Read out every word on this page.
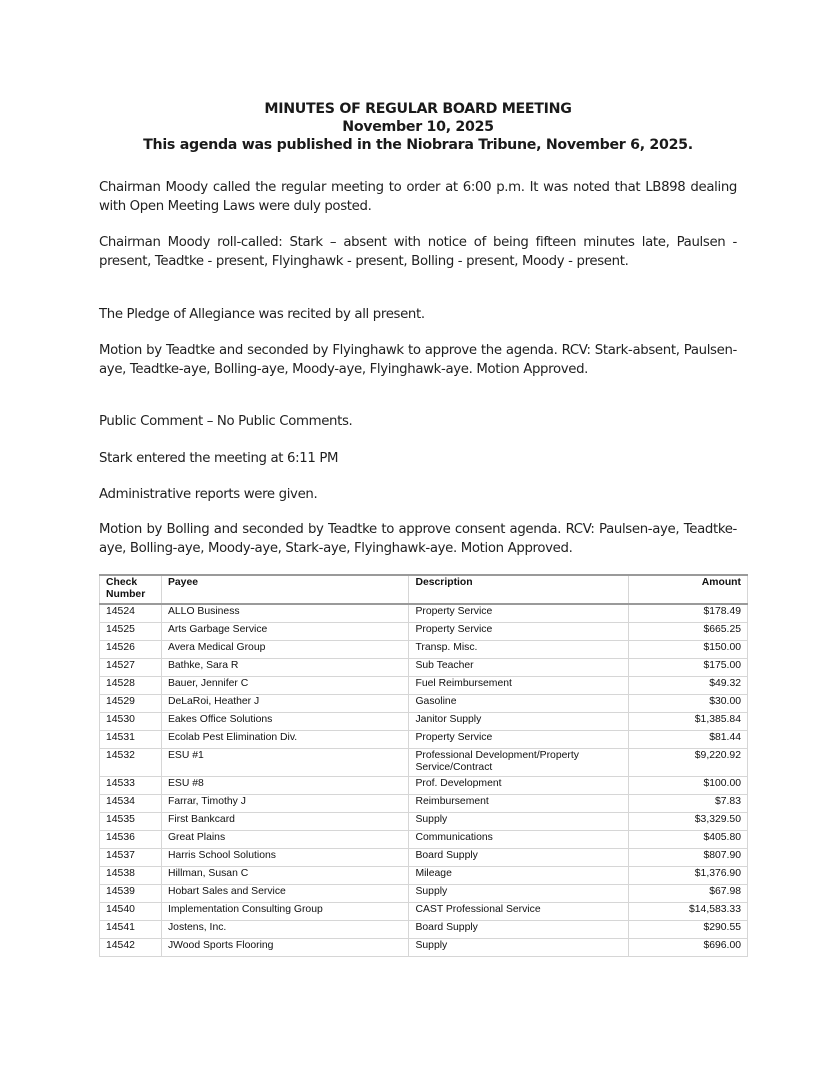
MINUTES OF REGULAR BOARD MEETING
November 10, 2025
This agenda was published in the Niobrara Tribune, November 6, 2025.

Chairman Moody called the regular meeting to order at 6:00 p.m. It was noted that LB898 dealing with Open Meeting Laws were duly posted.

Chairman Moody roll-called: Stark – absent with notice of being fifteen minutes late, Paulsen - present, Teadtke - present, Flyinghawk - present, Bolling - present, Moody - present.

The Pledge of Allegiance was recited by all present.

Motion by Teadtke and seconded by Flyinghawk to approve the agenda. RCV: Stark-absent, Paulsen-aye, Teadtke-aye, Bolling-aye, Moody-aye, Flyinghawk-aye. Motion Approved.

Public Comment – No Public Comments.

Stark entered the meeting at 6:11 PM

Administrative reports were given.

Motion by Bolling and seconded by Teadtke to approve consent agenda. RCV: Paulsen-aye, Teadtke-aye, Bolling-aye, Moody-aye, Stark-aye, Flyinghawk-aye. Motion Approved.

Check Number	Payee	Description	Amount
14524	ALLO Business	Property Service	$178.49
14525	Arts Garbage Service	Property Service	$665.25
14526	Avera Medical Group	Transp. Misc.	$150.00
14527	Bathke, Sara R	Sub Teacher	$175.00
14528	Bauer, Jennifer C	Fuel Reimbursement	$49.32
14529	DeLaRoi, Heather J	Gasoline	$30.00
14530	Eakes Office Solutions	Janitor Supply	$1,385.84
14531	Ecolab Pest Elimination Div.	Property Service	$81.44
14532	ESU #1	Professional Development/Property Service/Contract	$9,220.92
14533	ESU #8	Prof. Development	$100.00
14534	Farrar, Timothy J	Reimbursement	$7.83
14535	First Bankcard	Supply	$3,329.50
14536	Great Plains	Communications	$405.80
14537	Harris School Solutions	Board Supply	$807.90
14538	Hillman, Susan C	Mileage	$1,376.90
14539	Hobart Sales and Service	Supply	$67.98
14540	Implementation Consulting Group	CAST Professional Service	$14,583.33
14541	Jostens, Inc.	Board Supply	$290.55
14542	JWood Sports Flooring	Supply	$696.00
